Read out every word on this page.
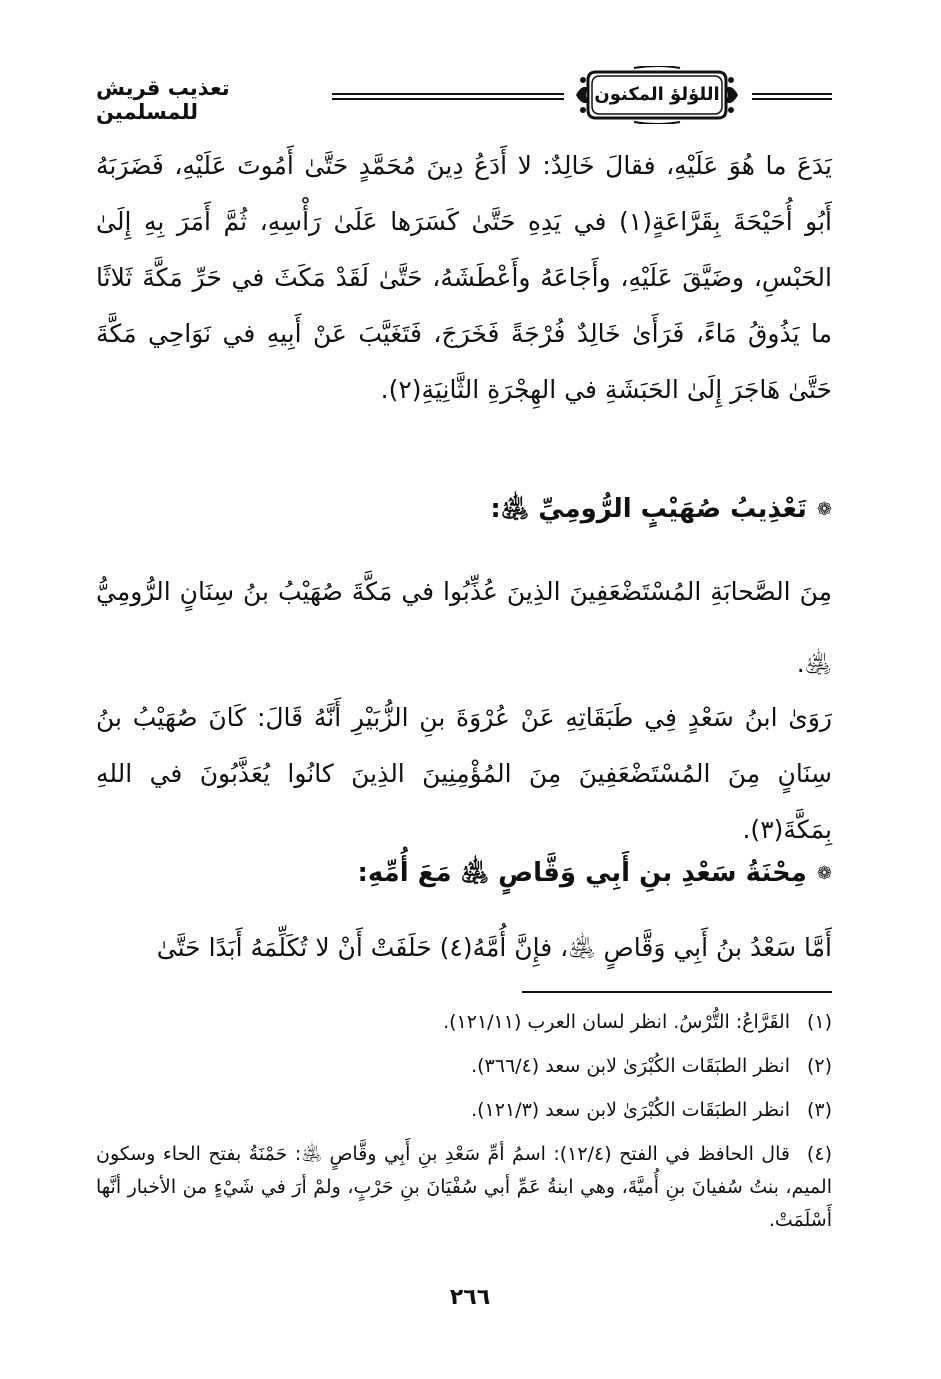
تعذيب قريش للمسلمين
اللؤلؤ المكنون
يَدَعَ ما هُوَ عَلَيْهِ، فقالَ خَالِدٌ: لا أَدَعُ دِينَ مُحَمَّدٍ حَتَّىٰ أَمُوتَ عَلَيْهِ، فَضَرَبَهُ أَبُو أُحَيْحَةَ بِقَرَّاعَةٍ(١) في يَدِهِ حَتَّىٰ كَسَرَها عَلَىٰ رَأْسِهِ، ثُمَّ أَمَرَ بِهِ إِلَىٰ الحَبْسِ، وضَيَّقَ عَلَيْهِ، وأَجَاعَهُ وأَعْطَشَهُ، حَتَّىٰ لَقَدْ مَكَثَ في حَرِّ مَكَّةَ ثَلاثًا ما يَذُوقُ مَاءً، فَرَأَىٰ خَالِدٌ فُرْجَةً فَخَرَجَ، فَتَغَيَّبَ عَنْ أَبِيهِ في نَوَاحِي مَكَّةَ حَتَّىٰ هَاجَرَ إِلَىٰ الحَبَشَةِ في الهِجْرَةِ الثَّانِيَةِ(٢).
❁تَعْذِيبُ صُهَيْبٍ الرُّومِيِّ ﵁:
مِنَ الصَّحابَةِ المُسْتَضْعَفِينَ الذِينَ عُذِّبُوا في مَكَّةَ صُهَيْبُ بنُ سِنَانٍ الرُّومِيُّ ﵁.
رَوَىٰ ابنُ سَعْدٍ فِي طَبَقَاتِهِ عَنْ عُرْوَةَ بنِ الزُّبَيْرِ أَنَّهُ قَالَ: كَانَ صُهَيْبُ بنُ سِنَانٍ مِنَ المُسْتَضْعَفِينَ مِنَ المُؤْمِنِينَ الذِينَ كانُوا يُعَذَّبُونَ في اللهِ بِمَكَّةَ(٣).
❁مِحْنَةُ سَعْدِ بنِ أَبِي وَقَّاصٍ ﵁ مَعَ أُمِّهِ:
أَمَّا سَعْدُ بنُ أَبِي وَقَّاصٍ ﵁، فإِنَّ أُمَّهُ(٤) حَلَفَتْ أَنْ لا تُكَلِّمَهُ أَبَدًا حَتَّىٰ
(١)القَرَّاعُ: التُّرْسُ. انظر لسان العرب (١٢١/١١).
(٢)انظر الطبَقَات الكُبْرَىٰ لابن سعد (٣٦٦/٤).
(٣)انظر الطبَقَات الكُبْرَىٰ لابن سعد (١٢١/٣).
(٤)قال الحافظ في الفتح (١٢/٤): اسمُ أمِّ سَعْدِ بنِ أَبِي وقَّاصٍ ﵁: حَمْنَةُ بفتح الحاء وسكون الميم، بنتُ سُفيانَ بنِ أُميَّةَ، وهي ابنةُ عَمِّ أبي سُفْيَانَ بنِ حَرْبٍ، ولمْ أرَ في شَيْءٍ من الأخبار أنَّها أَسْلَمَتْ.
٢٦٦
